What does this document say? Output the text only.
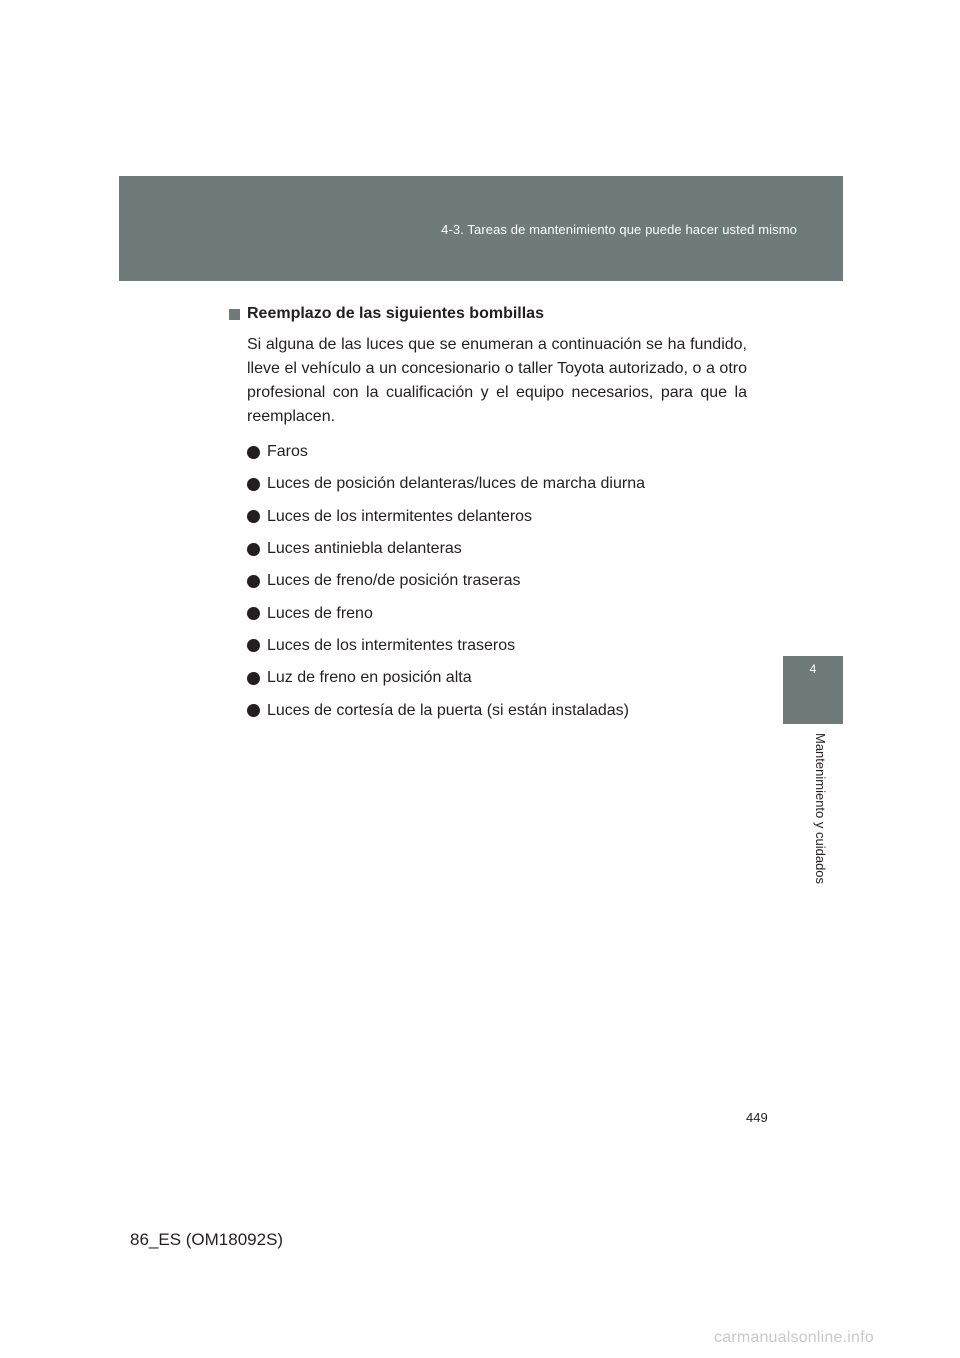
4-3. Tareas de mantenimiento que puede hacer usted mismo
4
Mantenimiento y cuidados
Reemplazo de las siguientes bombillas

Si alguna de las luces que se enumeran a continuación se ha fundido, lleve el vehículo a un concesionario o taller Toyota autorizado, o a otro profesional con la cualificación y el equipo necesarios, para que la reemplacen.

Faros
Luces de posición delanteras/luces de marcha diurna
Luces de los intermitentes delanteros
Luces antiniebla delanteras
Luces de freno/de posición traseras
Luces de freno
Luces de los intermitentes traseros
Luz de freno en posición alta
Luces de cortesía de la puerta (si están instaladas)
449
86_ES (OM18092S)
carmanualsonline.info
